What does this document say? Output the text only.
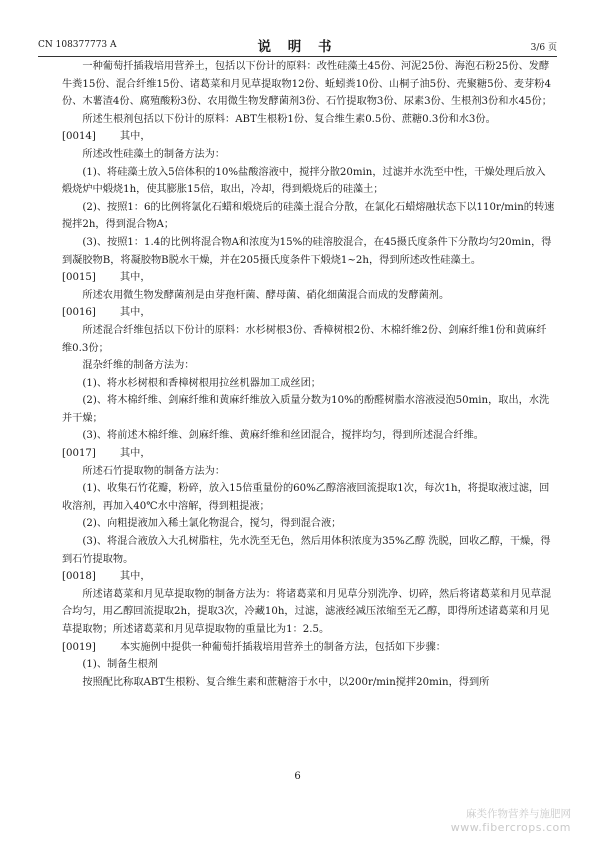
CN 108377773 A	说 明 书	3/6 页

一种葡萄扦插栽培用营养土，包括以下份计的原料：改性硅藻土45份、河泥25份、海泡石粉25份、发酵牛粪15份、混合纤维15份、诸葛菜和月见草提取物12份、蚯蚓粪10份、山桐子油5份、壳聚糖5份、麦芽粉4份、木薯渣4份、腐殖酸粉3份、农用微生物发酵菌剂3份、石竹提取物3份、尿素3份、生根剂3份和水45份；

所述生根剂包括以下份计的原料：ABT生根粉1份、复合维生素0.5份、蔗糖0.3份和水3份。

[0014] 其中，

所述改性硅藻土的制备方法为：

(1)、将硅藻土放入5倍体积的10%盐酸溶液中，搅拌分散20min，过滤并水洗至中性，干燥处理后放入煅烧炉中煅烧1h，使其膨胀15倍，取出，冷却，得到煅烧后的硅藻土；

(2)、按照1：6的比例将氯化石蜡和煅烧后的硅藻土混合分散，在氯化石蜡熔融状态下以110r/min的转速搅拌2h，得到混合物A；

(3)、按照1：1.4的比例将混合物A和浓度为15%的硅溶胶混合，在45摄氏度条件下分散均匀20min，得到凝胶物B，将凝胶物B脱水干燥，并在205摄氏度条件下煅烧1~2h，得到所述改性硅藻土。

[0015] 其中，

所述农用微生物发酵菌剂是由芽孢杆菌、酵母菌、硝化细菌混合而成的发酵菌剂。

[0016] 其中，

所述混合纤维包括以下份计的原料：水杉树根3份、香樟树根2份、木棉纤维2份、剑麻纤维1份和黄麻纤维0.3份；

混杂纤维的制备方法为：

(1)、将水杉树根和香樟树根用拉丝机器加工成丝团；

(2)、将木棉纤维、剑麻纤维和黄麻纤维放入质量分数为10%的酚醛树脂水溶液浸泡50min，取出，水洗并干燥；

(3)、将前述木棉纤维、剑麻纤维、黄麻纤维和丝团混合，搅拌均匀，得到所述混合纤维。

[0017] 其中，

所述石竹提取物的制备方法为：

(1)、收集石竹花瓣，粉碎，放入15倍重量份的60%乙醇溶液回流提取1次，每次1h，将提取液过滤，回收溶剂，再加入40℃水中溶解，得到粗提液；

(2)、向粗提液加入稀土氯化物混合，搅匀，得到混合液；

(3)、将混合液放入大孔树脂柱，先水洗至无色，然后用体积浓度为35%乙醇 洗脱，回收乙醇，干燥，得到石竹提取物。

[0018] 其中，

所述诸葛菜和月见草提取物的制备方法为：将诸葛菜和月见草分别洗净、切碎，然后将诸葛菜和月见草混合均匀，用乙醇回流提取2h，提取3次，冷藏10h，过滤，滤液经减压浓缩至无乙醇，即得所述诸葛菜和月见草提取物；所述诸葛菜和月见草提取物的重量比为1：2.5。

[0019] 本实施例中提供一种葡萄扦插栽培用营养土的制备方法，包括如下步骤：

(1)、制备生根剂

按照配比称取ABT生根粉、复合维生素和蔗糖溶于水中，以200r/min搅拌20min，得到所

6
麻类作物营养与施肥网
www.fibercrops.com
